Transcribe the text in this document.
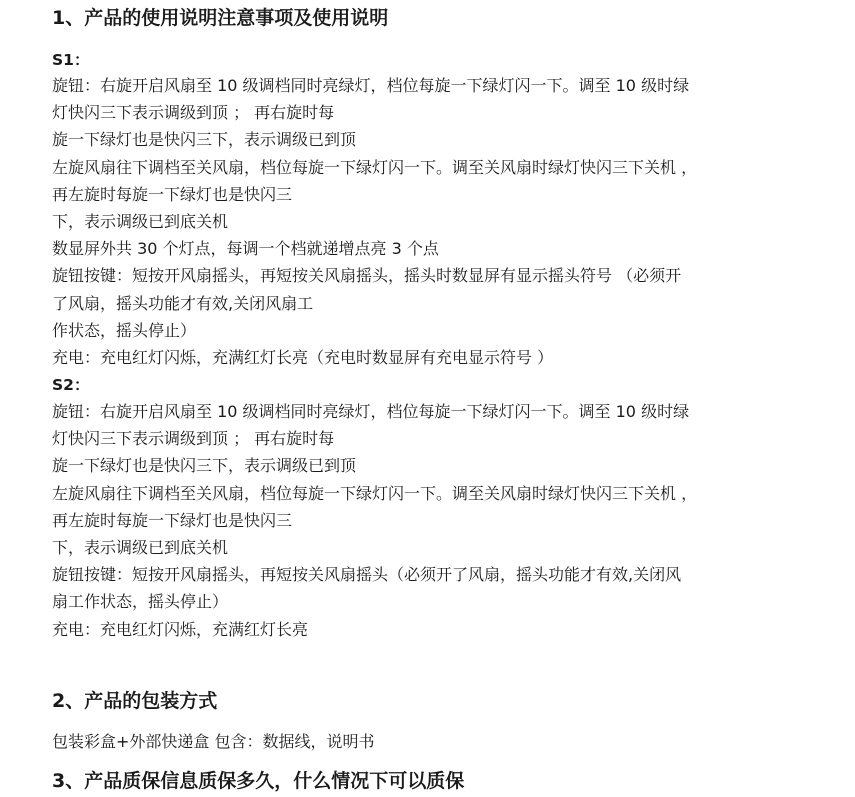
1、产品的使用说明注意事项及使用说明
S1：
旋钮：右旋开启风扇至 10 级调档同时亮绿灯，档位每旋一下绿灯闪一下。调至 10 级时绿
灯快闪三下表示调级到顶 ； 再右旋时每
旋一下绿灯也是快闪三下，表示调级已到顶
左旋风扇往下调档至关风扇，档位每旋一下绿灯闪一下。调至关风扇时绿灯快闪三下关机 ，
再左旋时每旋一下绿灯也是快闪三
下，表示调级已到底关机
数显屏外共 30 个灯点，每调一个档就递增点亮 3 个点
旋钮按键：短按开风扇摇头，再短按关风扇摇头，摇头时数显屏有显示摇头符号 （必须开
了风扇，摇头功能才有效,关闭风扇工
作状态，摇头停止）
充电：充电红灯闪烁，充满红灯长亮（充电时数显屏有充电显示符号 ）
S2：
旋钮：右旋开启风扇至 10 级调档同时亮绿灯，档位每旋一下绿灯闪一下。调至 10 级时绿
灯快闪三下表示调级到顶 ； 再右旋时每
旋一下绿灯也是快闪三下，表示调级已到顶
左旋风扇往下调档至关风扇，档位每旋一下绿灯闪一下。调至关风扇时绿灯快闪三下关机 ，
再左旋时每旋一下绿灯也是快闪三
下，表示调级已到底关机
旋钮按键：短按开风扇摇头，再短按关风扇摇头（必须开了风扇，摇头功能才有效,关闭风
扇工作状态，摇头停止）
充电：充电红灯闪烁，充满红灯长亮
2、产品的包装方式
包装彩盒+外部快递盒 包含：数据线，说明书
3、产品质保信息质保多久，什么情况下可以质保
